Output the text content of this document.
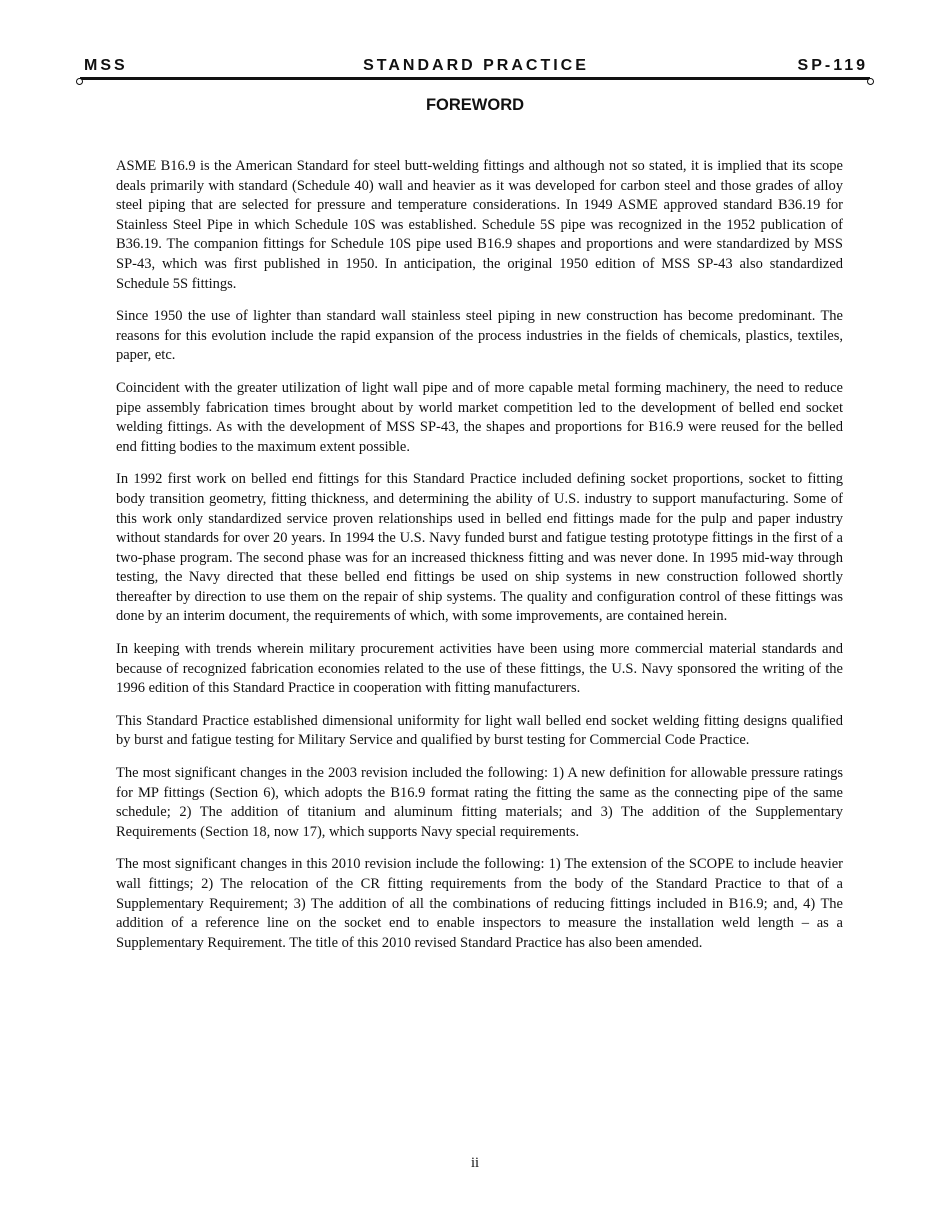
MSS	STANDARD PRACTICE	SP-119
FOREWORD

ASME B16.9 is the American Standard for steel butt-welding fittings and although not so stated, it is implied that its scope deals primarily with standard (Schedule 40) wall and heavier as it was developed for carbon steel and those grades of alloy steel piping that are selected for pressure and temperature considerations. In 1949 ASME approved standard B36.19 for Stainless Steel Pipe in which Schedule 10S was established. Schedule 5S pipe was recognized in the 1952 publication of B36.19. The companion fittings for Schedule 10S pipe used B16.9 shapes and proportions and were standardized by MSS SP-43, which was first published in 1950. In anticipation, the original 1950 edition of MSS SP-43 also standardized Schedule 5S fittings.

Since 1950 the use of lighter than standard wall stainless steel piping in new construction has become predominant. The reasons for this evolution include the rapid expansion of the process industries in the fields of chemicals, plastics, textiles, paper, etc.

Coincident with the greater utilization of light wall pipe and of more capable metal forming machinery, the need to reduce pipe assembly fabrication times brought about by world market competition led to the development of belled end socket welding fittings. As with the development of MSS SP-43, the shapes and proportions for B16.9 were reused for the belled end fitting bodies to the maximum extent possible.

In 1992 first work on belled end fittings for this Standard Practice included defining socket proportions, socket to fitting body transition geometry, fitting thickness, and determining the ability of U.S. industry to support manufacturing. Some of this work only standardized service proven relationships used in belled end fittings made for the pulp and paper industry without standards for over 20 years. In 1994 the U.S. Navy funded burst and fatigue testing prototype fittings in the first of a two-phase program. The second phase was for an increased thickness fitting and was never done. In 1995 mid-way through testing, the Navy directed that these belled end fittings be used on ship systems in new construction followed shortly thereafter by direction to use them on the repair of ship systems. The quality and configuration control of these fittings was done by an interim document, the requirements of which, with some improvements, are contained herein.

In keeping with trends wherein military procurement activities have been using more commercial material standards and because of recognized fabrication economies related to the use of these fittings, the U.S. Navy sponsored the writing of the 1996 edition of this Standard Practice in cooperation with fitting manufacturers.

This Standard Practice established dimensional uniformity for light wall belled end socket welding fitting designs qualified by burst and fatigue testing for Military Service and qualified by burst testing for Commercial Code Practice.

The most significant changes in the 2003 revision included the following: 1) A new definition for allowable pressure ratings for MP fittings (Section 6), which adopts the B16.9 format rating the fitting the same as the connecting pipe of the same schedule; 2) The addition of titanium and aluminum fitting materials; and 3) The addition of the Supplementary Requirements (Section 18, now 17), which supports Navy special requirements.

The most significant changes in this 2010 revision include the following: 1) The extension of the SCOPE to include heavier wall fittings; 2) The relocation of the CR fitting requirements from the body of the Standard Practice to that of a Supplementary Requirement; 3) The addition of all the combinations of reducing fittings included in B16.9; and, 4) The addition of a reference line on the socket end to enable inspectors to measure the installation weld length – as a Supplementary Requirement. The title of this 2010 revised Standard Practice has also been amended.

ii
